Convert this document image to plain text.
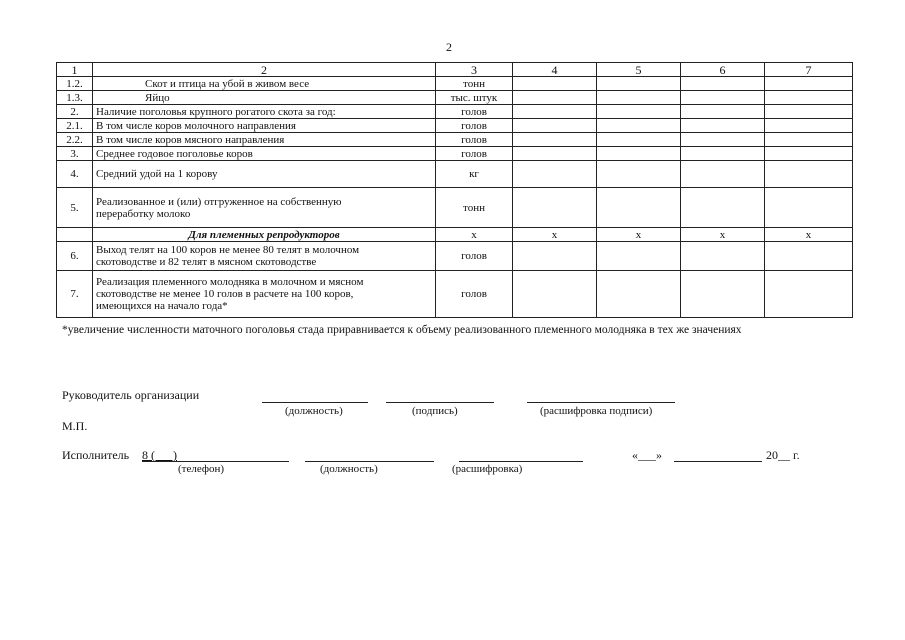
2
1	2	3	4	5	6	7
1.2.	Скот и птица на убой в живом весе	тонн				
1.3.	Яйцо	тыс. штук				
2.	Наличие поголовья крупного рогатого скота за год:	голов				
2.1.	В том числе коров молочного направления	голов				
2.2.	В том числе коров мясного направления	голов				
3.	Среднее годовое поголовье коров	голов				
4.	Средний удой на 1 корову	кг				
5.	Реализованное и (или) отгруженное на собственную
переработку молоко	тонн				
	Для племенных репродукторов	х	х	х	х	х
6.	Выход телят на 100 коров не менее 80 телят в молочном
скотоводстве и 82 телят в мясном скотоводстве	голов				
7.	Реализация племенного молодняка в молочном и мясном
скотоводстве не менее 10 голов в расчете на 100 коров,
имеющихся на начало года*	голов				
*увеличение численности маточного поголовья стада приравнивается к объему реализованного племенного молодняка в тех же значениях
Руководитель организации
(должность)	(подпись)	(расшифровка подписи)
М.П.
Исполнитель 8 (      )
(телефон)	(должность)	(расшифровка)
«___»	20__ г.
